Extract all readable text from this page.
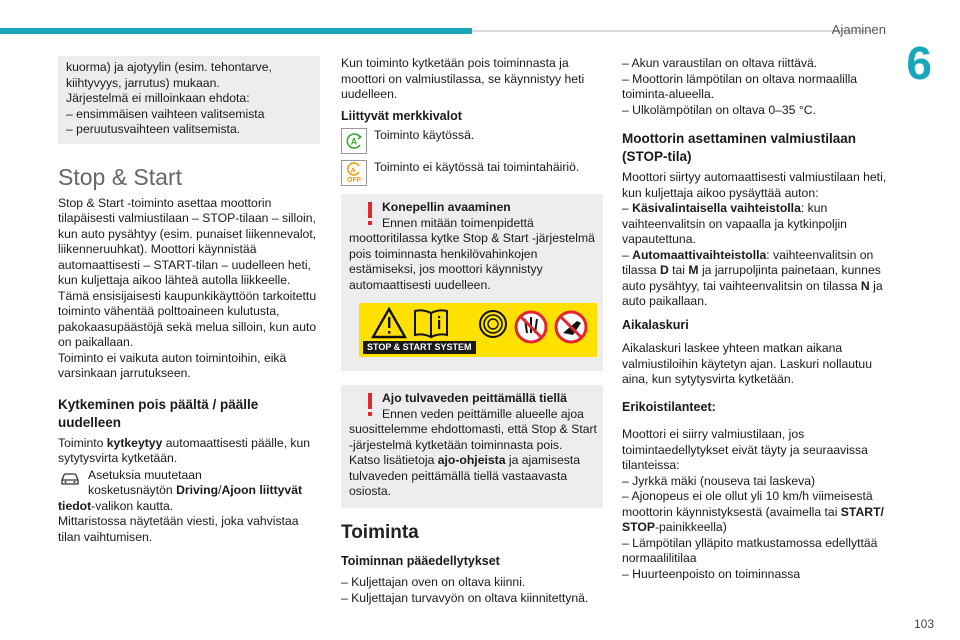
Ajaminen
6
103
kuorma) ja ajotyylin (esim. tehontarve,
kiihtyvyys, jarrutus) mukaan.
Järjestelmä ei milloinkaan ehdota:
– ensimmäisen vaihteen valitsemista
– peruutusvaihteen valitsemista.
Stop & Start
Stop & Start -toiminto asettaa moottorin
tilapäisesti valmiustilaan – STOP-tilaan – silloin,
kun auto pysähtyy (esim. punaiset liikennevalot,
liikenneruuhkat). Moottori käynnistää
automaattisesti – START-tilan – uudelleen heti,
kun kuljettaja aikoo lähteä autolla liikkeelle.
Tämä ensisijaisesti kaupunkikäyttöön tarkoitettu
toiminto vähentää polttoaineen kulutusta,
pakokaasupäästöjä sekä melua silloin, kun auto
on paikallaan.
Toiminto ei vaikuta auton toimintoihin, eikä
varsinkaan jarrutukseen.
Kytkeminen pois päältä / päälle
uudelleen
Toiminto kytkeytyy automaattisesti päälle, kun
sytytysvirta kytketään.
Asetuksia muutetaan
kosketusnäytön Driving/Ajoon liittyvät
tiedot-valikon kautta.
Mittaristossa näytetään viesti, joka vahvistaa
tilan vaihtumisen.
Kun toiminto kytketään pois toiminnasta ja
moottori on valmiustilassa, se käynnistyy heti
uudelleen.
Liittyvät merkkivalot
A Toiminto käytössä.
A
OFF
Toiminto ei käytössä tai toimintahäiriö.
Konepellin avaaminen
Ennen mitään toimenpidettä
moottoritilassa kytke Stop & Start -järjestelmä
pois toiminnasta henkilövahinkojen
estämiseksi, jos moottori käynnistyy
automaattisesti uudelleen.
STOP & START SYSTEM
Ajo tulvaveden peittämällä tiellä
Ennen veden peittämille alueelle ajoa
suosittelemme ehdottomasti, että Stop & Start
-järjestelmä kytketään toiminnasta pois.
Katso lisätietoja ajo-ohjeista ja ajamisesta
tulvaveden peittämällä tiellä vastaavasta
osiosta.
Toiminta
Toiminnan pääedellytykset
– Kuljettajan oven on oltava kiinni.
– Kuljettajan turvavyön on oltava kiinnitettynä.
– Akun varaustilan on oltava riittävä.
– Moottorin lämpötilan on oltava normaalilla
toiminta-alueella.
– Ulkolämpötilan on oltava 0–35 °C.
Moottorin asettaminen valmiustilaan
(STOP-tila)
Moottori siirtyy automaattisesti valmiustilaan heti,
kun kuljettaja aikoo pysäyttää auton:
– Käsivalintaisella vaihteistolla: kun
vaihteenvalitsin on vapaalla ja kytkinpoljin
vapautettuna.
– Automaattivaihteistolla: vaihteenvalitsin on
tilassa D tai M ja jarrupoljinta painetaan, kunnes
auto pysähtyy, tai vaihteenvalitsin on tilassa N ja
auto paikallaan.
Aikalaskuri
Aikalaskuri laskee yhteen matkan aikana
valmiustiloihin käytetyn ajan. Laskuri nollautuu
aina, kun sytytysvirta kytketään.
Erikoistilanteet:
Moottori ei siirry valmiustilaan, jos
toimintaedellytykset eivät täyty ja seuraavissa
tilanteissa:
– Jyrkkä mäki (nouseva tai laskeva)
– Ajonopeus ei ole ollut yli 10 km/h viimeisestä
moottorin käynnistyksestä (avaimella tai START/
STOP-painikkeella)
– Lämpötilan ylläpito matkustamossa edellyttää
normaalilitilaa
– Huurteenpoisto on toiminnassa
